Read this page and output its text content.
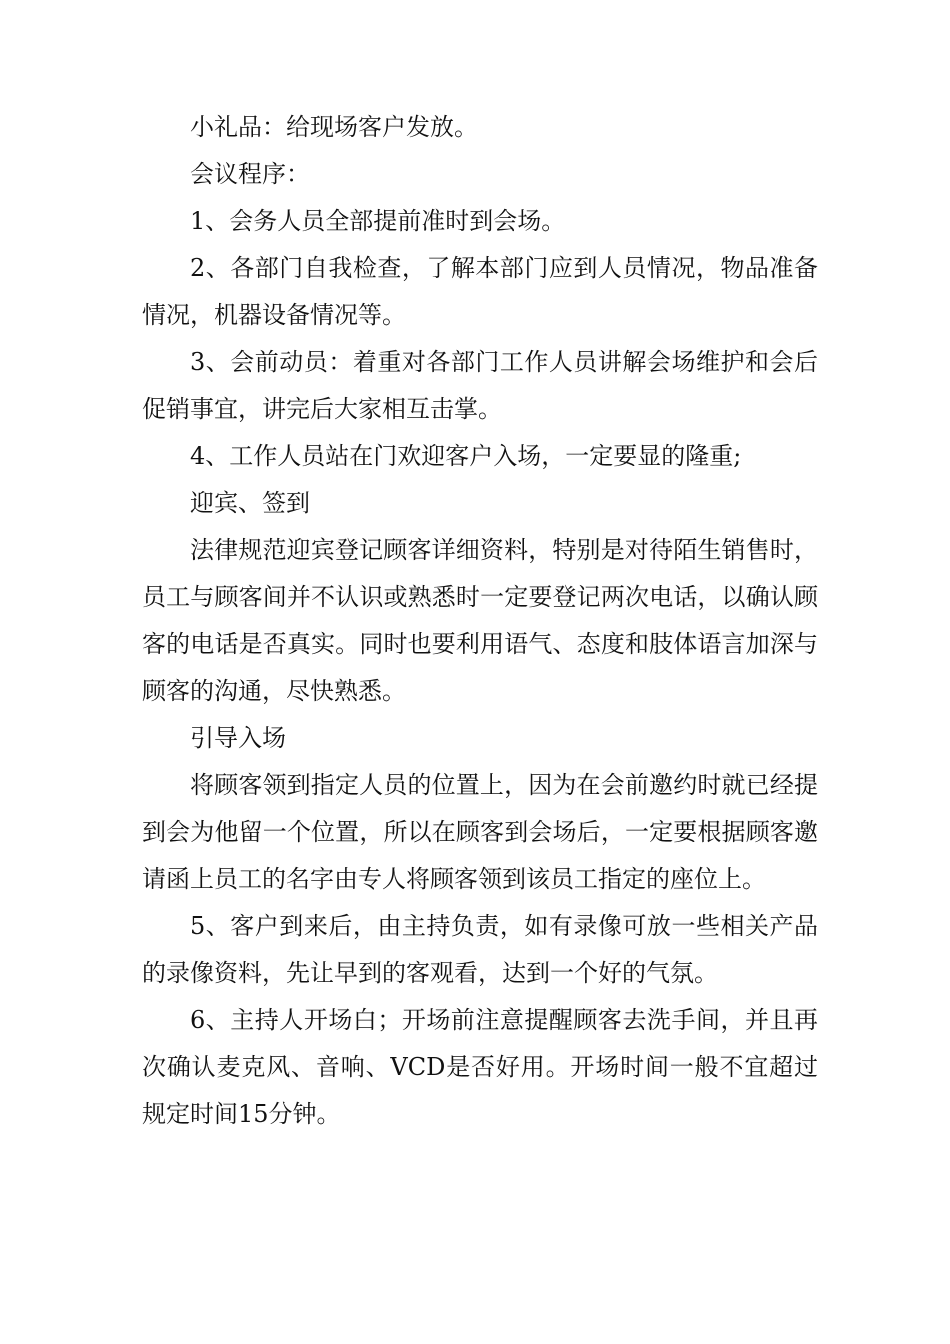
小礼品：给现场客户发放。

会议程序：

1、会务人员全部提前准时到会场。

2、各部门自我检查，了解本部门应到人员情况，物品准备情况，机器设备情况等。

3、会前动员：着重对各部门工作人员讲解会场维护和会后促销事宜，讲完后大家相互击掌。

4、工作人员站在门欢迎客户入场，一定要显的隆重;

迎宾、签到

法律规范迎宾登记顾客详细资料，特别是对待陌生销售时，员工与顾客间并不认识或熟悉时一定要登记两次电话，以确认顾客的电话是否真实。同时也要利用语气、态度和肢体语言加深与顾客的沟通，尽快熟悉。

引导入场

将顾客领到指定人员的位置上，因为在会前邀约时就已经提到会为他留一个位置，所以在顾客到会场后，一定要根据顾客邀请函上员工的名字由专人将顾客领到该员工指定的座位上。

5、客户到来后，由主持负责，如有录像可放一些相关产品的录像资料，先让早到的客观看，达到一个好的气氛。

6、主持人开场白；开场前注意提醒顾客去洗手间，并且再次确认麦克风、音响、VCD是否好用。开场时间一般不宜超过规定时间15分钟。
